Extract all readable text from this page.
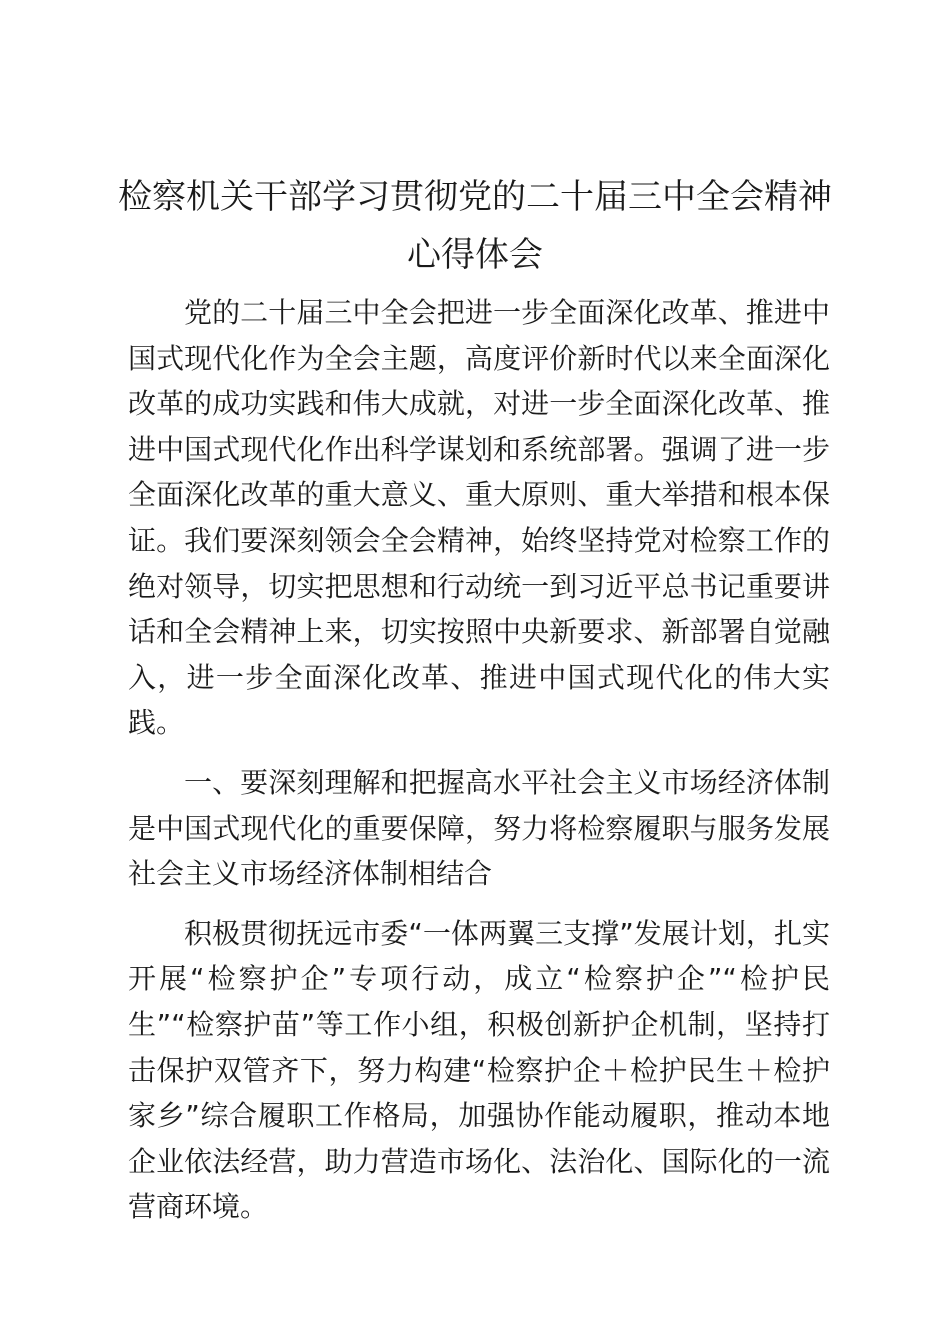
检察机关干部学习贯彻党的二十届三中全会精神心得体会

党的二十届三中全会把进一步全面深化改革、推进中国式现代化作为全会主题，高度评价新时代以来全面深化改革的成功实践和伟大成就，对进一步全面深化改革、推进中国式现代化作出科学谋划和系统部署。强调了进一步全面深化改革的重大意义、重大原则、重大举措和根本保证。我们要深刻领会全会精神，始终坚持党对检察工作的绝对领导，切实把思想和行动统一到习近平总书记重要讲话和全会精神上来，切实按照中央新要求、新部署自觉融入，进一步全面深化改革、推进中国式现代化的伟大实践。

一、要深刻理解和把握高水平社会主义市场经济体制是中国式现代化的重要保障，努力将检察履职与服务发展社会主义市场经济体制相结合

积极贯彻抚远市委“一体两翼三支撑”发展计划，扎实开展“检察护企”专项行动，成立“检察护企”“检护民生”“检察护苗”等工作小组，积极创新护企机制，坚持打击保护双管齐下，努力构建“检察护企＋检护民生＋检护家乡”综合履职工作格局，加强协作能动履职，推动本地企业依法经营，助力营造市场化、法治化、国际化的一流营商环境。
